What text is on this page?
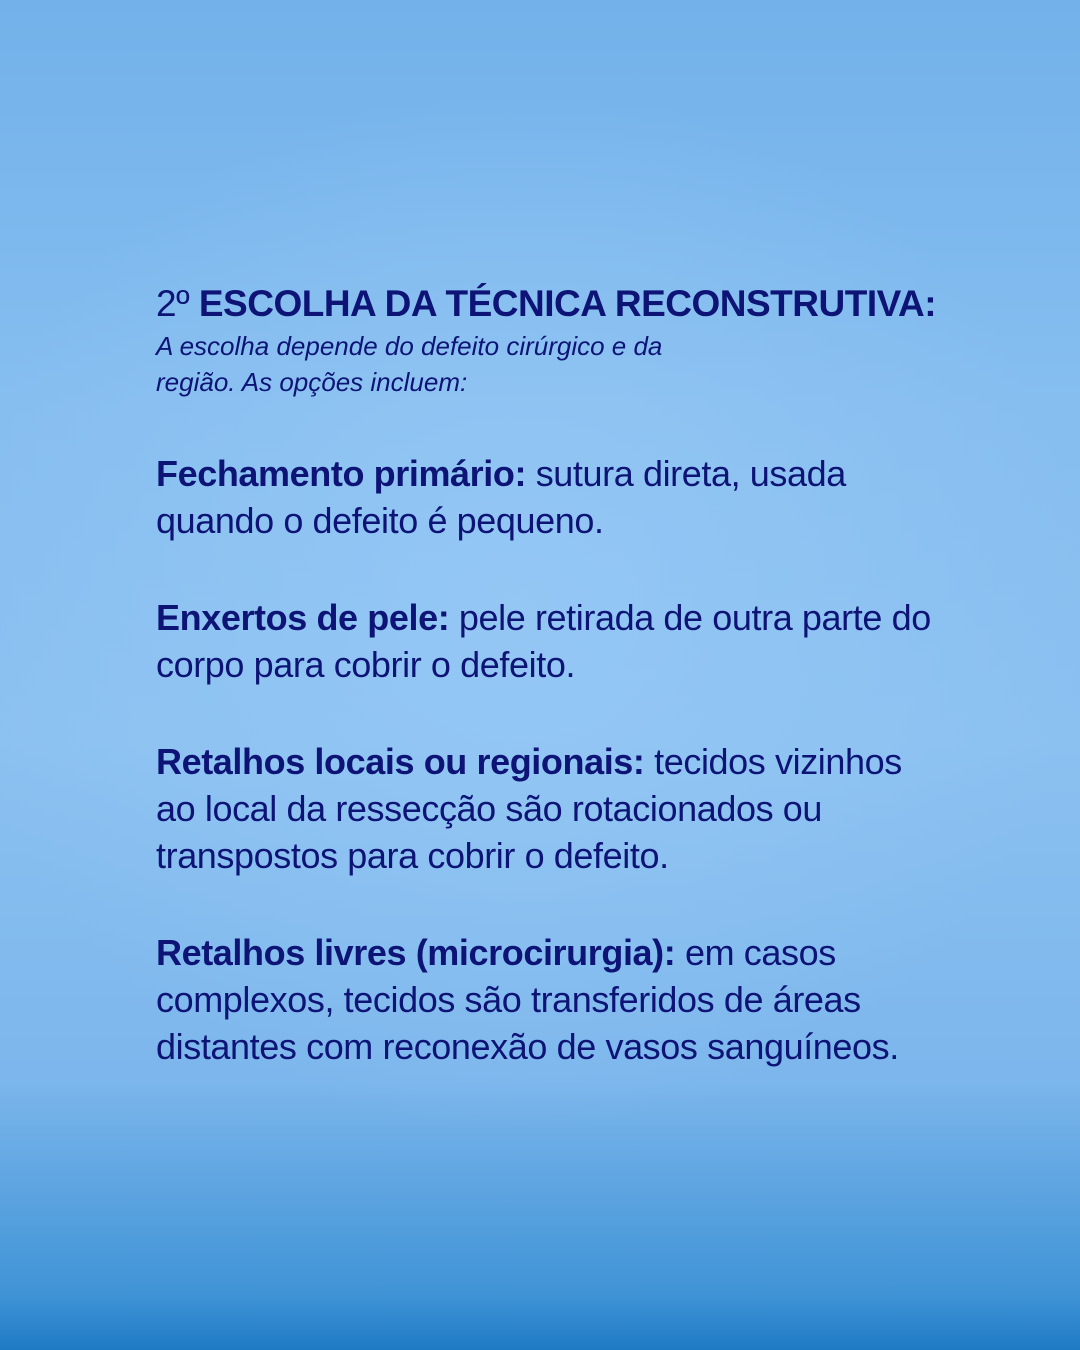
2º ESCOLHA DA TÉCNICA RECONSTRUTIVA:

A escolha depende do defeito cirúrgico e da região. As opções incluem:

Fechamento primário: sutura direta, usada quando o defeito é pequeno.

Enxertos de pele: pele retirada de outra parte do corpo para cobrir o defeito.

Retalhos locais ou regionais: tecidos vizinhos ao local da ressecção são rotacionados ou transpostos para cobrir o defeito.

Retalhos livres (microcirurgia): em casos complexos, tecidos são transferidos de áreas distantes com reconexão de vasos sanguíneos.
